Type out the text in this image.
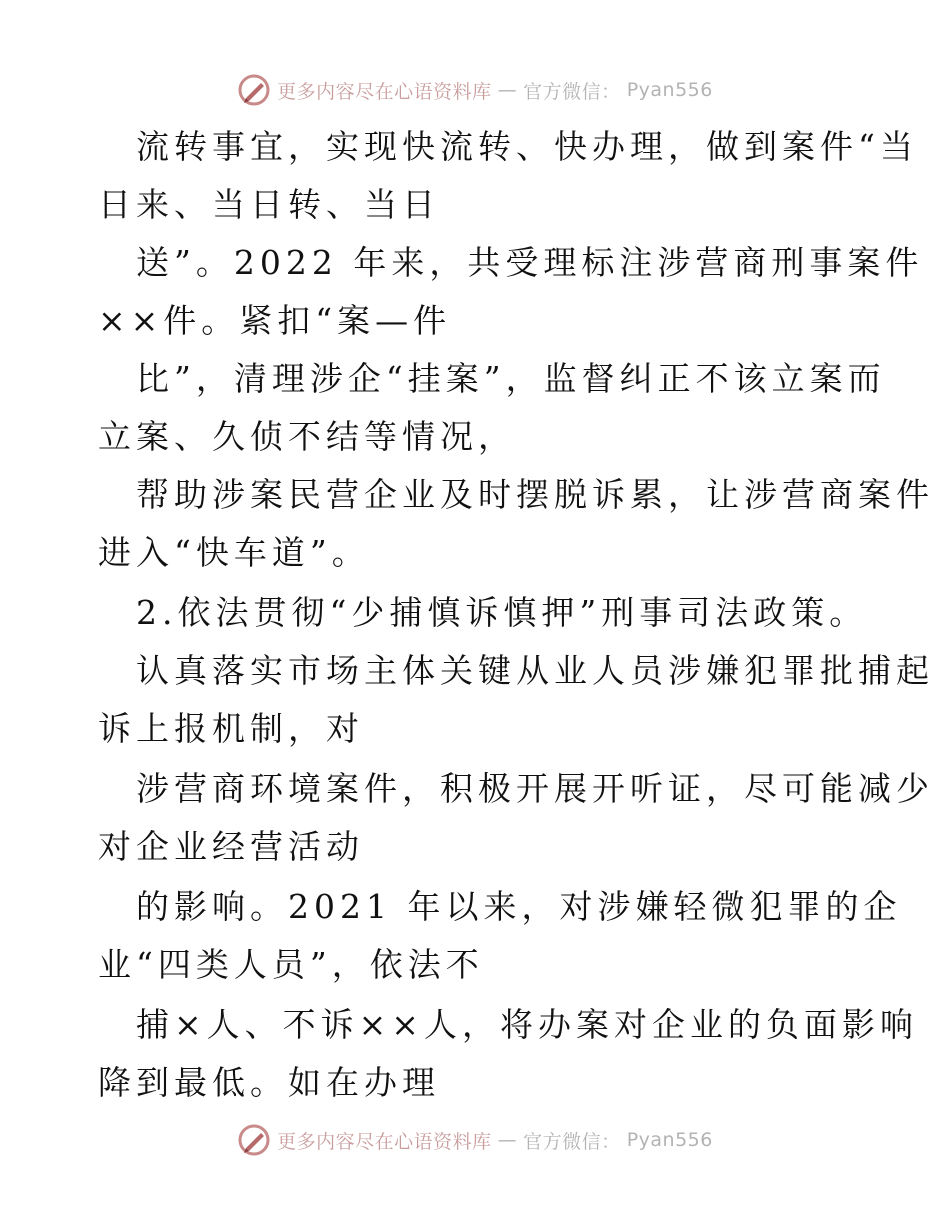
更多内容尽在心语资料库 — 官方微信： Pyan556
流转事宜，实现快流转、快办理，做到案件“当
日来、当日转、当日
送”。2022 年来，共受理标注涉营商刑事案件
××件。紧扣“案—件
比”，清理涉企“挂案”，监督纠正不该立案而
立案、久侦不结等情况，
帮助涉案民营企业及时摆脱诉累，让涉营商案件
进入“快车道”。
2.依法贯彻“少捕慎诉慎押”刑事司法政策。
认真落实市场主体关键从业人员涉嫌犯罪批捕起
诉上报机制，对
涉营商环境案件，积极开展开听证，尽可能减少
对企业经营活动
的影响。2021 年以来，对涉嫌轻微犯罪的企
业“四类人员”，依法不
捕×人、不诉××人，将办案对企业的负面影响
降到最低。如在办理
更多内容尽在心语资料库 — 官方微信： Pyan556
